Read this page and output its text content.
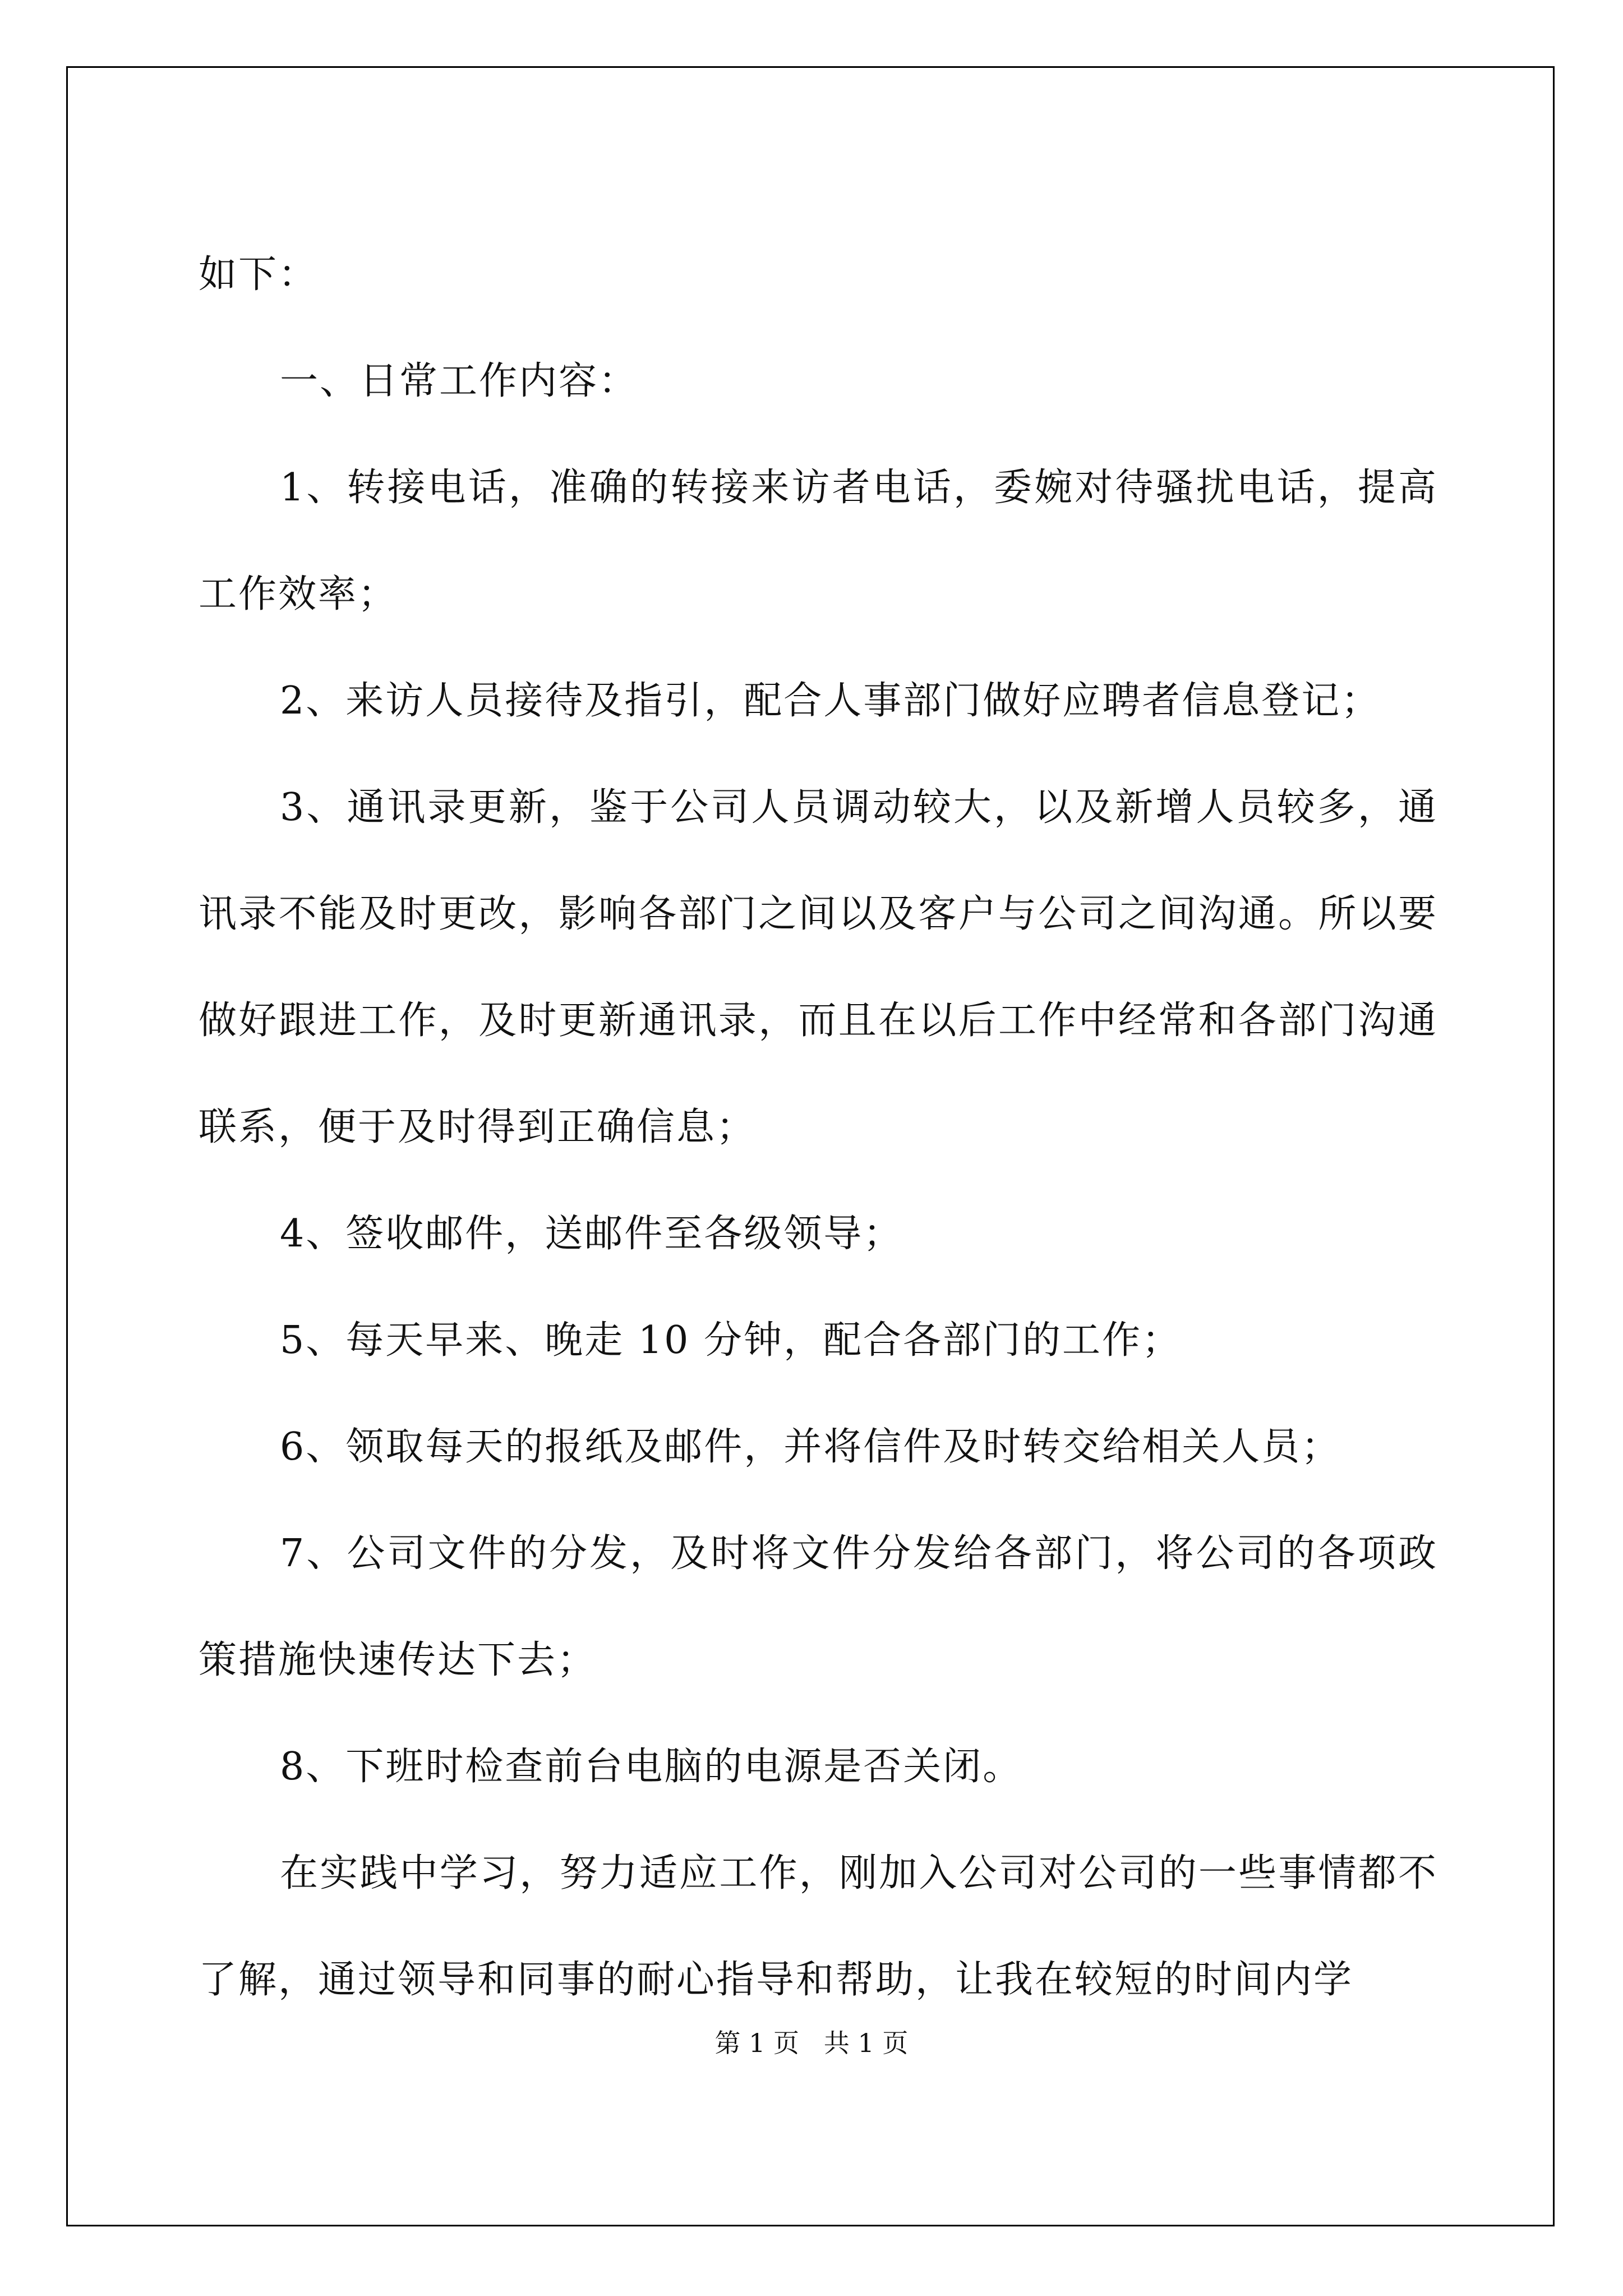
如下：

一、日常工作内容：

1、转接电话，准确的转接来访者电话，委婉对待骚扰电话，提高工作效率；

2、来访人员接待及指引，配合人事部门做好应聘者信息登记；

3、通讯录更新，鉴于公司人员调动较大，以及新增人员较多，通讯录不能及时更改，影响各部门之间以及客户与公司之间沟通。所以要做好跟进工作，及时更新通讯录，而且在以后工作中经常和各部门沟通联系，便于及时得到正确信息；

4、签收邮件，送邮件至各级领导；

5、每天早来、晚走 10 分钟，配合各部门的工作；

6、领取每天的报纸及邮件，并将信件及时转交给相关人员；

7、公司文件的分发，及时将文件分发给各部门，将公司的各项政策措施快速传达下去；

8、下班时检查前台电脑的电源是否关闭。

在实践中学习，努力适应工作，刚加入公司对公司的一些事情都不了解，通过领导和同事的耐心指导和帮助，让我在较短的时间内学

第 1 页   共 1 页
